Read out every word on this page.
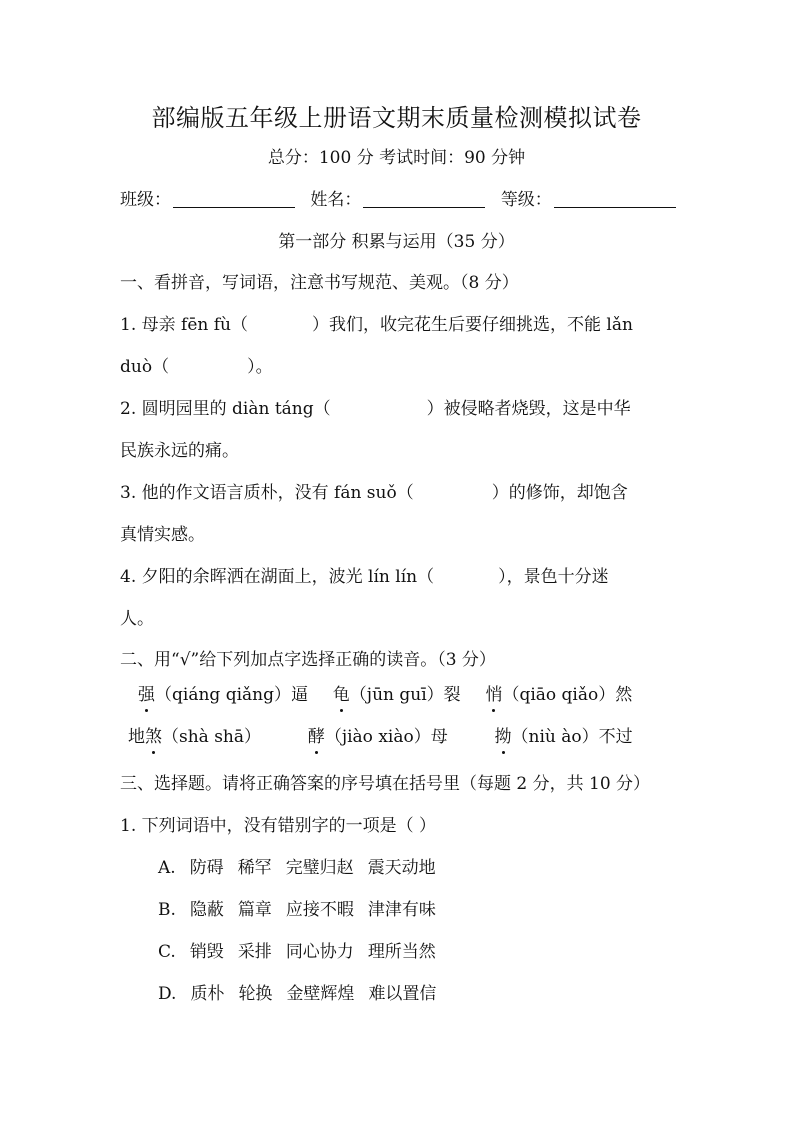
部编版五年级上册语文期末质量检测模拟试卷
总分：100 分 考试时间：90 分钟
班级：	姓名：	等级：
第一部分 积累与运用（35 分）
一、看拼音，写词语，注意书写规范、美观。（8 分）
1. 母亲 fēn fù（	）我们，收完花生后要仔细挑选，不能 lǎn
duò（	）。
2. 圆明园里的 diàn táng（	）被侵略者烧毁，这是中华
民族永远的痛。
3. 他的作文语言质朴，没有 fán suǒ（	）的修饰，却饱含
真情实感。
4. 夕阳的余晖洒在湖面上，波光 lín lín（	），景色十分迷
人。
二、用“√”给下列加点字选择正确的读音。（3 分）
强（qiáng qiǎng）逼 龟（jūn guī）裂 悄（qiāo qiǎo）然
地煞（shà shā）	酵（jiào xiào）母	拗（niù ào）不过
三、选择题。请将正确答案的序号填在括号里（每题 2 分，共 10 分）
1. 下列词语中，没有错别字的一项是（ ）
A. 防碍 稀罕 完璧归赵 震天动地
B. 隐蔽 篇章 应接不暇 津津有味
C. 销毁 采排 同心协力 理所当然
D. 质朴 轮换 金壁辉煌 难以置信
